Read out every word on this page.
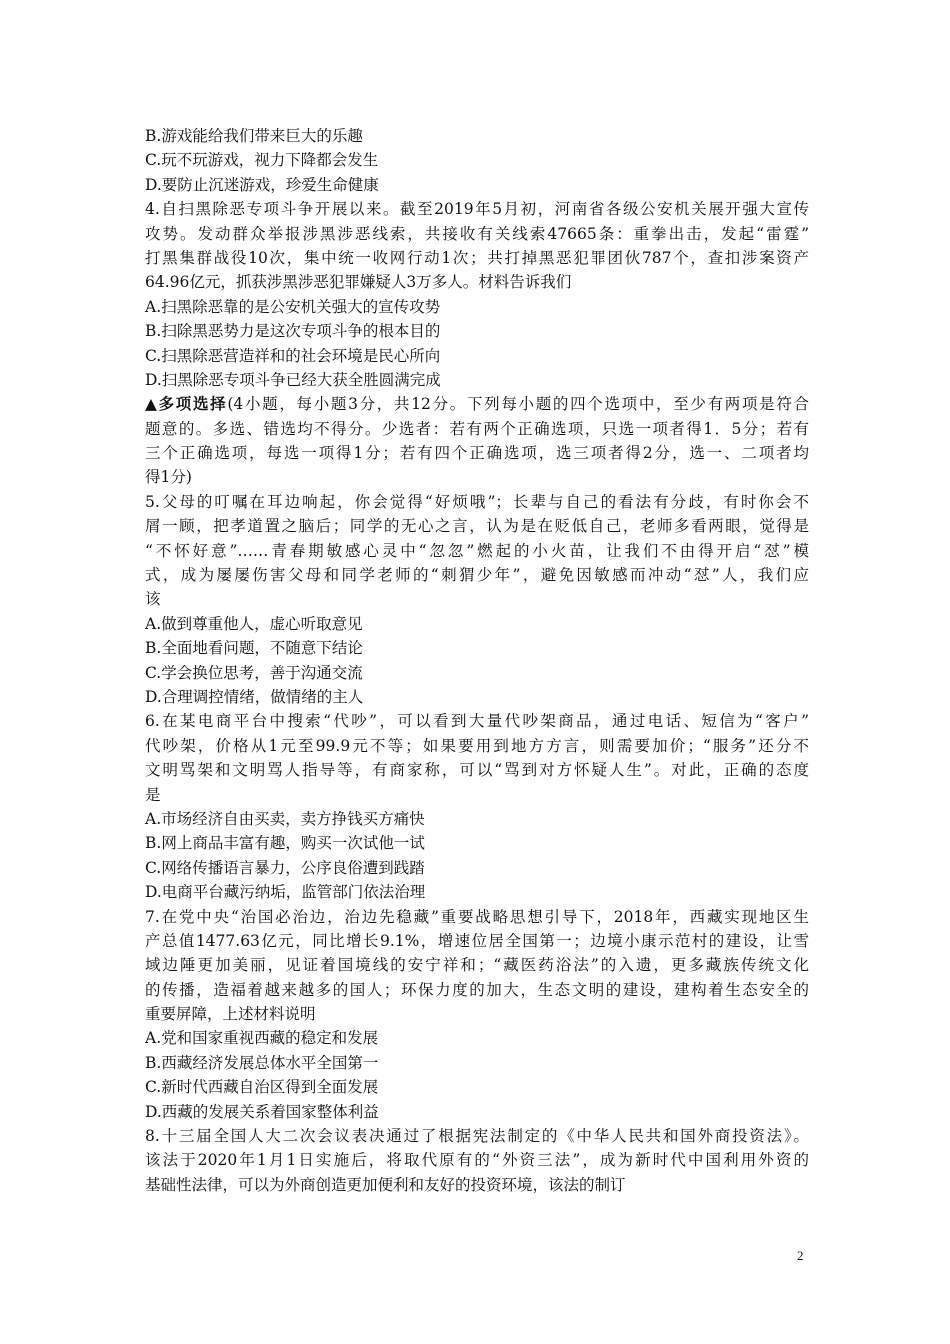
B.游戏能给我们带来巨大的乐趣
C.玩不玩游戏，视力下降都会发生
D.要防止沉迷游戏，珍爱生命健康
4.自扫黑除恶专项斗争开展以来。截至2019年5月初，河南省各级公安机关展开强大宣传
攻势。发动群众举报涉黑涉恶线索，共接收有关线索47665条：重拳出击，发起“雷霆”
打黑集群战役10次，集中统一收网行动1次；共打掉黑恶犯罪团伙787个，查扣涉案资产
64.96亿元，抓获涉黑涉恶犯罪嫌疑人3万多人。材料告诉我们
A.扫黑除恶靠的是公安机关强大的宣传攻势
B.扫除黑恶势力是这次专项斗争的根本目的
C.扫黑除恶营造祥和的社会环境是民心所向
D.扫黑除恶专项斗争已经大获全胜圆满完成
▲多项选择(4小题，每小题3分，共12分。下列每小题的四个选项中，至少有两项是符合
题意的。多选、错选均不得分。少选者：若有两个正确选项，只选一项者得1．5分；若有
三个正确选项，每选一项得1分；若有四个正确选项，选三项者得2分，选一、二项者均
得1分)
5.父母的叮嘱在耳边响起，你会觉得“好烦哦”；长辈与自己的看法有分歧，有时你会不
屑一顾，把孝道置之脑后；同学的无心之言，认为是在贬低自己，老师多看两眼，觉得是
“不怀好意”……青春期敏感心灵中“忽忽”燃起的小火苗，让我们不由得开启“怼”模
式，成为屡屡伤害父母和同学老师的“刺猬少年”，避免因敏感而冲动“怼”人，我们应
该
A.做到尊重他人，虚心听取意见
B.全面地看问题，不随意下结论
C.学会换位思考，善于沟通交流
D.合理调控情绪，做情绪的主人
6.在某电商平台中搜索“代吵”，可以看到大量代吵架商品，通过电话、短信为“客户”
代吵架，价格从1元至99.9元不等；如果要用到地方方言，则需要加价；“服务”还分不
文明骂架和文明骂人指导等，有商家称，可以“骂到对方怀疑人生”。对此，正确的态度
是
A.市场经济自由买卖，卖方挣钱买方痛快
B.网上商品丰富有趣，购买一次试他一试
C.网络传播语言暴力，公序良俗遭到践踏
D.电商平台藏污纳垢，监管部门依法治理
7.在党中央“治国必治边，治边先稳藏”重要战略思想引导下，2018年，西藏实现地区生
产总值1477.63亿元，同比增长9.1%，增速位居全国第一；边境小康示范村的建设，让雪
域边陲更加美丽，见证着国境线的安宁祥和；“藏医药浴法”的入遗，更多藏族传统文化
的传播，造福着越来越多的国人；环保力度的加大，生态文明的建设，建构着生态安全的
重要屏障，上述材料说明
A.党和国家重视西藏的稳定和发展
B.西藏经济发展总体水平全国第一
C.新时代西藏自治区得到全面发展
D.西藏的发展关系着国家整体利益
8.十三届全国人大二次会议表决通过了根据宪法制定的《中华人民共和国外商投资法》。
该法于2020年1月1日实施后，将取代原有的“外资三法”，成为新时代中国利用外资的
基础性法律，可以为外商创造更加便利和友好的投资环境，该法的制订
2
